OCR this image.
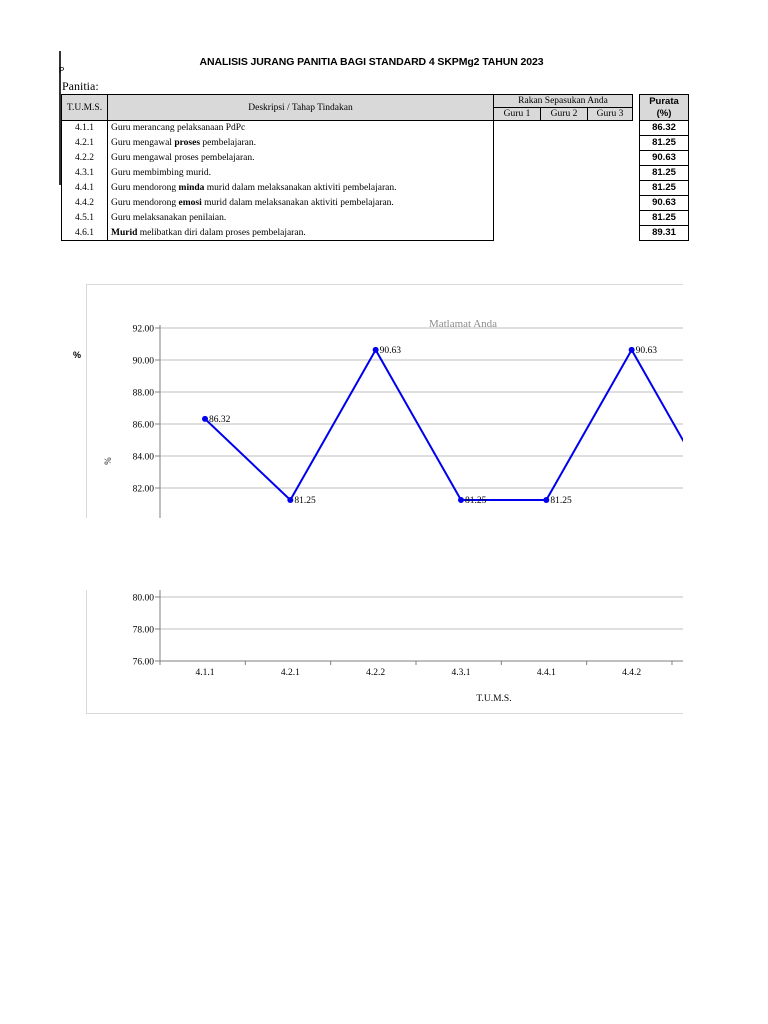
P
ANALISIS JURANG PANITIA BAGI STANDARD 4 SKPMg2 TAHUN 2023
Panitia:
T.U.M.S.	Deskripsi / Tahap Tindakan	Rakan Sepasukan Anda				Purata
(%)

		Guru 1	Guru 2	Guru 3		
4.1.1	Guru merancang pelaksanaan PdPc					86.32
4.2.1	Guru mengawal proses pembelajaran.					81.25
4.2.2	Guru mengawal proses pembelajaran.					90.63
4.3.1	Guru membimbing murid.					81.25
4.4.1	Guru mendorong minda murid dalam melaksanakan aktiviti pembelajaran.					81.25
4.4.2	Guru mendorong emosi murid dalam melaksanakan aktiviti pembelajaran.					90.63
4.5.1	Guru melaksanakan penilaian.					81.25
4.6.1	Murid melibatkan diri dalam proses pembelajaran.					89.31
%
92.00
90.00
88.00
86.00
84.00
82.00
Matlamat Anda
%
86.32
81.25
90.63
81.25	81.25
90.63
80.00
78.00
76.00
4.1.1	4.2.1	4.2.2	4.3.1	4.4.1	4.4.2
T.U.M.S.
